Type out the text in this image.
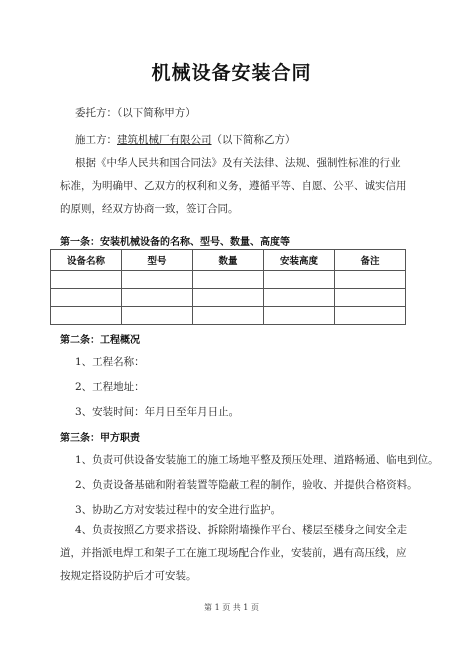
机械设备安装合同
委托方：（以下简称甲方）
施工方：建筑机械厂有限公司（以下简称乙方）
根据《中华人民共和国合同法》及有关法律、法规、强制性标准的行业标准，为明确甲、乙双方的权利和义务，遵循平等、自愿、公平、诚实信用的原则，经双方协商一致，签订合同。
第一条：安装机械设备的名称、型号、数量、高度等
设备名称	型号	数量	安装高度	备注

第二条：工程概况
1、工程名称：
2、工程地址：
3、安装时间：年月日至年月日止。
第三条：甲方职责
1、负责可供设备安装施工的施工场地平整及预压处理、道路畅通、临电到位。
2、负责设备基础和附着装置等隐蔽工程的制作，验收、并提供合格资料。
3、协助乙方对安装过程中的安全进行监护。
4、负责按照乙方要求搭设、拆除附墙操作平台、楼层至楼身之间安全走道，并指派电焊工和架子工在施工现场配合作业，安装前，遇有高压线，应按规定搭设防护后才可安装。
第 1 页 共 1 页
